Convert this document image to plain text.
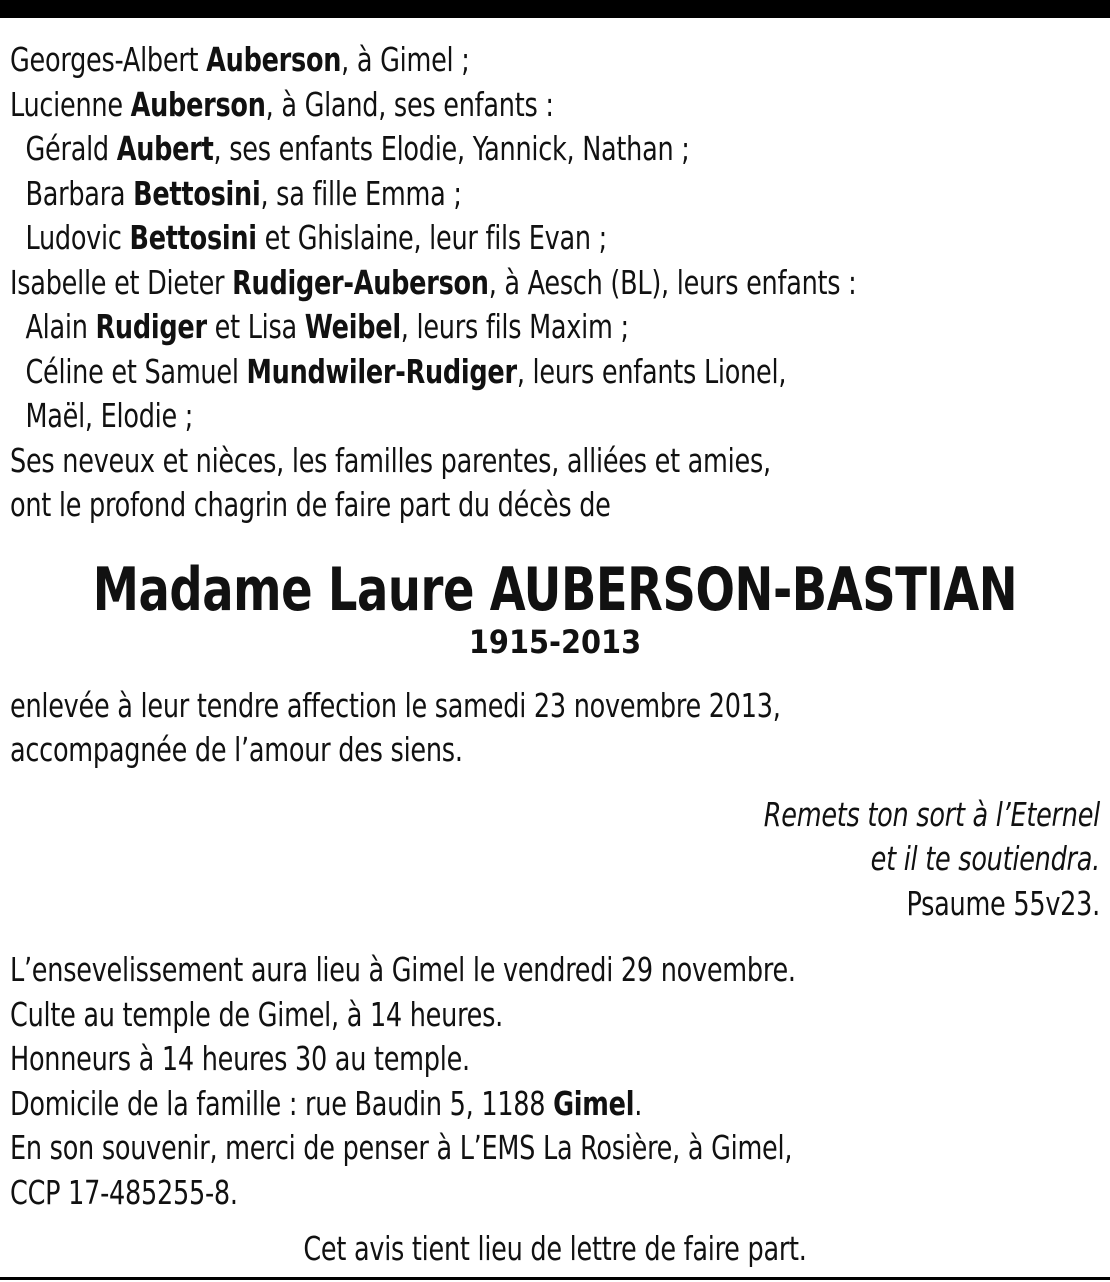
Georges-Albert Auberson, à Gimel ;
Lucienne Auberson, à Gland, ses enfants :
Gérald Aubert, ses enfants Elodie, Yannick, Nathan ;
Barbara Bettosini, sa fille Emma ;
Ludovic Bettosini et Ghislaine, leur fils Evan ;
Isabelle et Dieter Rudiger-Auberson, à Aesch (BL), leurs enfants :
Alain Rudiger et Lisa Weibel, leurs fils Maxim ;
Céline et Samuel Mundwiler-Rudiger, leurs enfants Lionel,
Maël, Elodie ;
Ses neveux et nièces, les familles parentes, alliées et amies,
ont le profond chagrin de faire part du décès de
Madame Laure AUBERSON-BASTIAN
1915-2013
enlevée à leur tendre affection le samedi 23 novembre 2013,
accompagnée de l’amour des siens.
Remets ton sort à l’Eternel
et il te soutiendra.
Psaume 55v23.
L’ensevelissement aura lieu à Gimel le vendredi 29 novembre.
Culte au temple de Gimel, à 14 heures.
Honneurs à 14 heures 30 au temple.
Domicile de la famille : rue Baudin 5, 1188 Gimel.
En son souvenir, merci de penser à L’EMS La Rosière, à Gimel,
CCP 17-485255-8.
Cet avis tient lieu de lettre de faire part.
